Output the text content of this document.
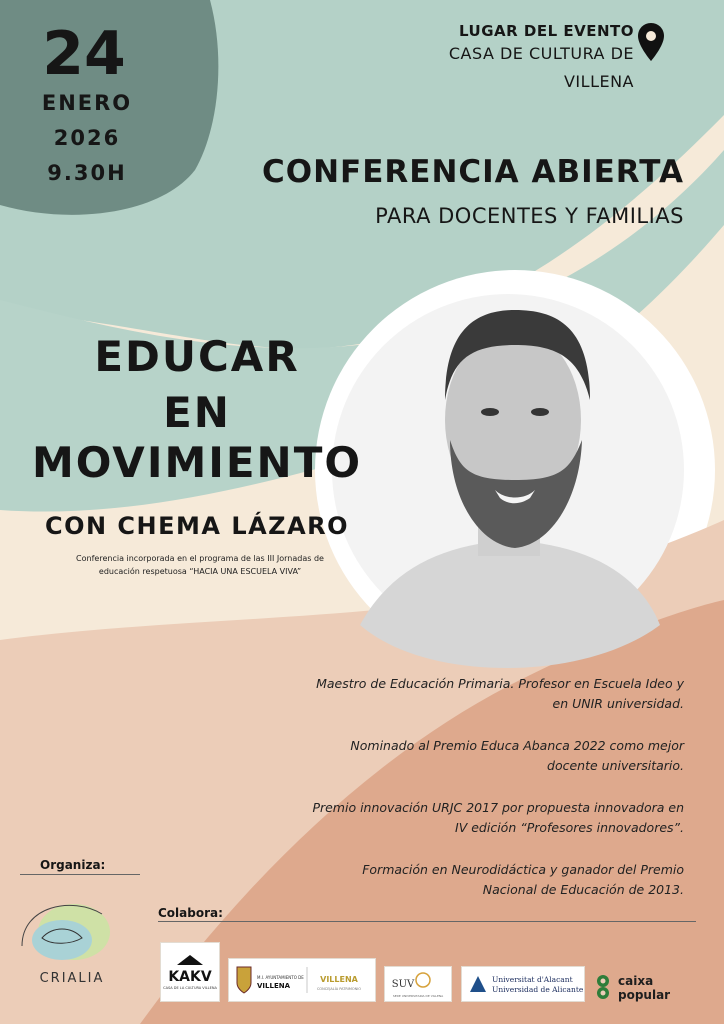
24
ENERO
2026
9.30H
LUGAR DEL EVENTO
CASA DE CULTURA DE
VILLENA
CONFERENCIA ABIERTA
PARA DOCENTES Y FAMILIAS
EDUCAR
EN
MOVIMIENTO
CON CHEMA LÁZARO
Conferencia incorporada en el programa de las III Jornadas de
educación respetuosa “HACIA UNA ESCUELA VIVA”
Maestro de Educación Primaria. Profesor en Escuela Ideo y
en UNIR universidad.
Nominado al Premio Educa Abanca 2022 como mejor
docente universitario.
Premio innovación URJC 2017 por propuesta innovadora en
IV edición “Profesores innovadores”.
Formación en Neurodidáctica y ganador del Premio
Nacional de Educación de 2013.
Organiza:
CRIALIA
Colabora:
KAKV
CASA DE LA CULTURA VILLENA
M.I. AYUNTAMIENTO DE
VILLENA
VILLENA
CONCEJALÍA PATRIMONIO	SUV
SEDE UNIVERSITARIA DE VILLENA
Universitat d'Alacant
Universidad de Alicante
caixa
popular
